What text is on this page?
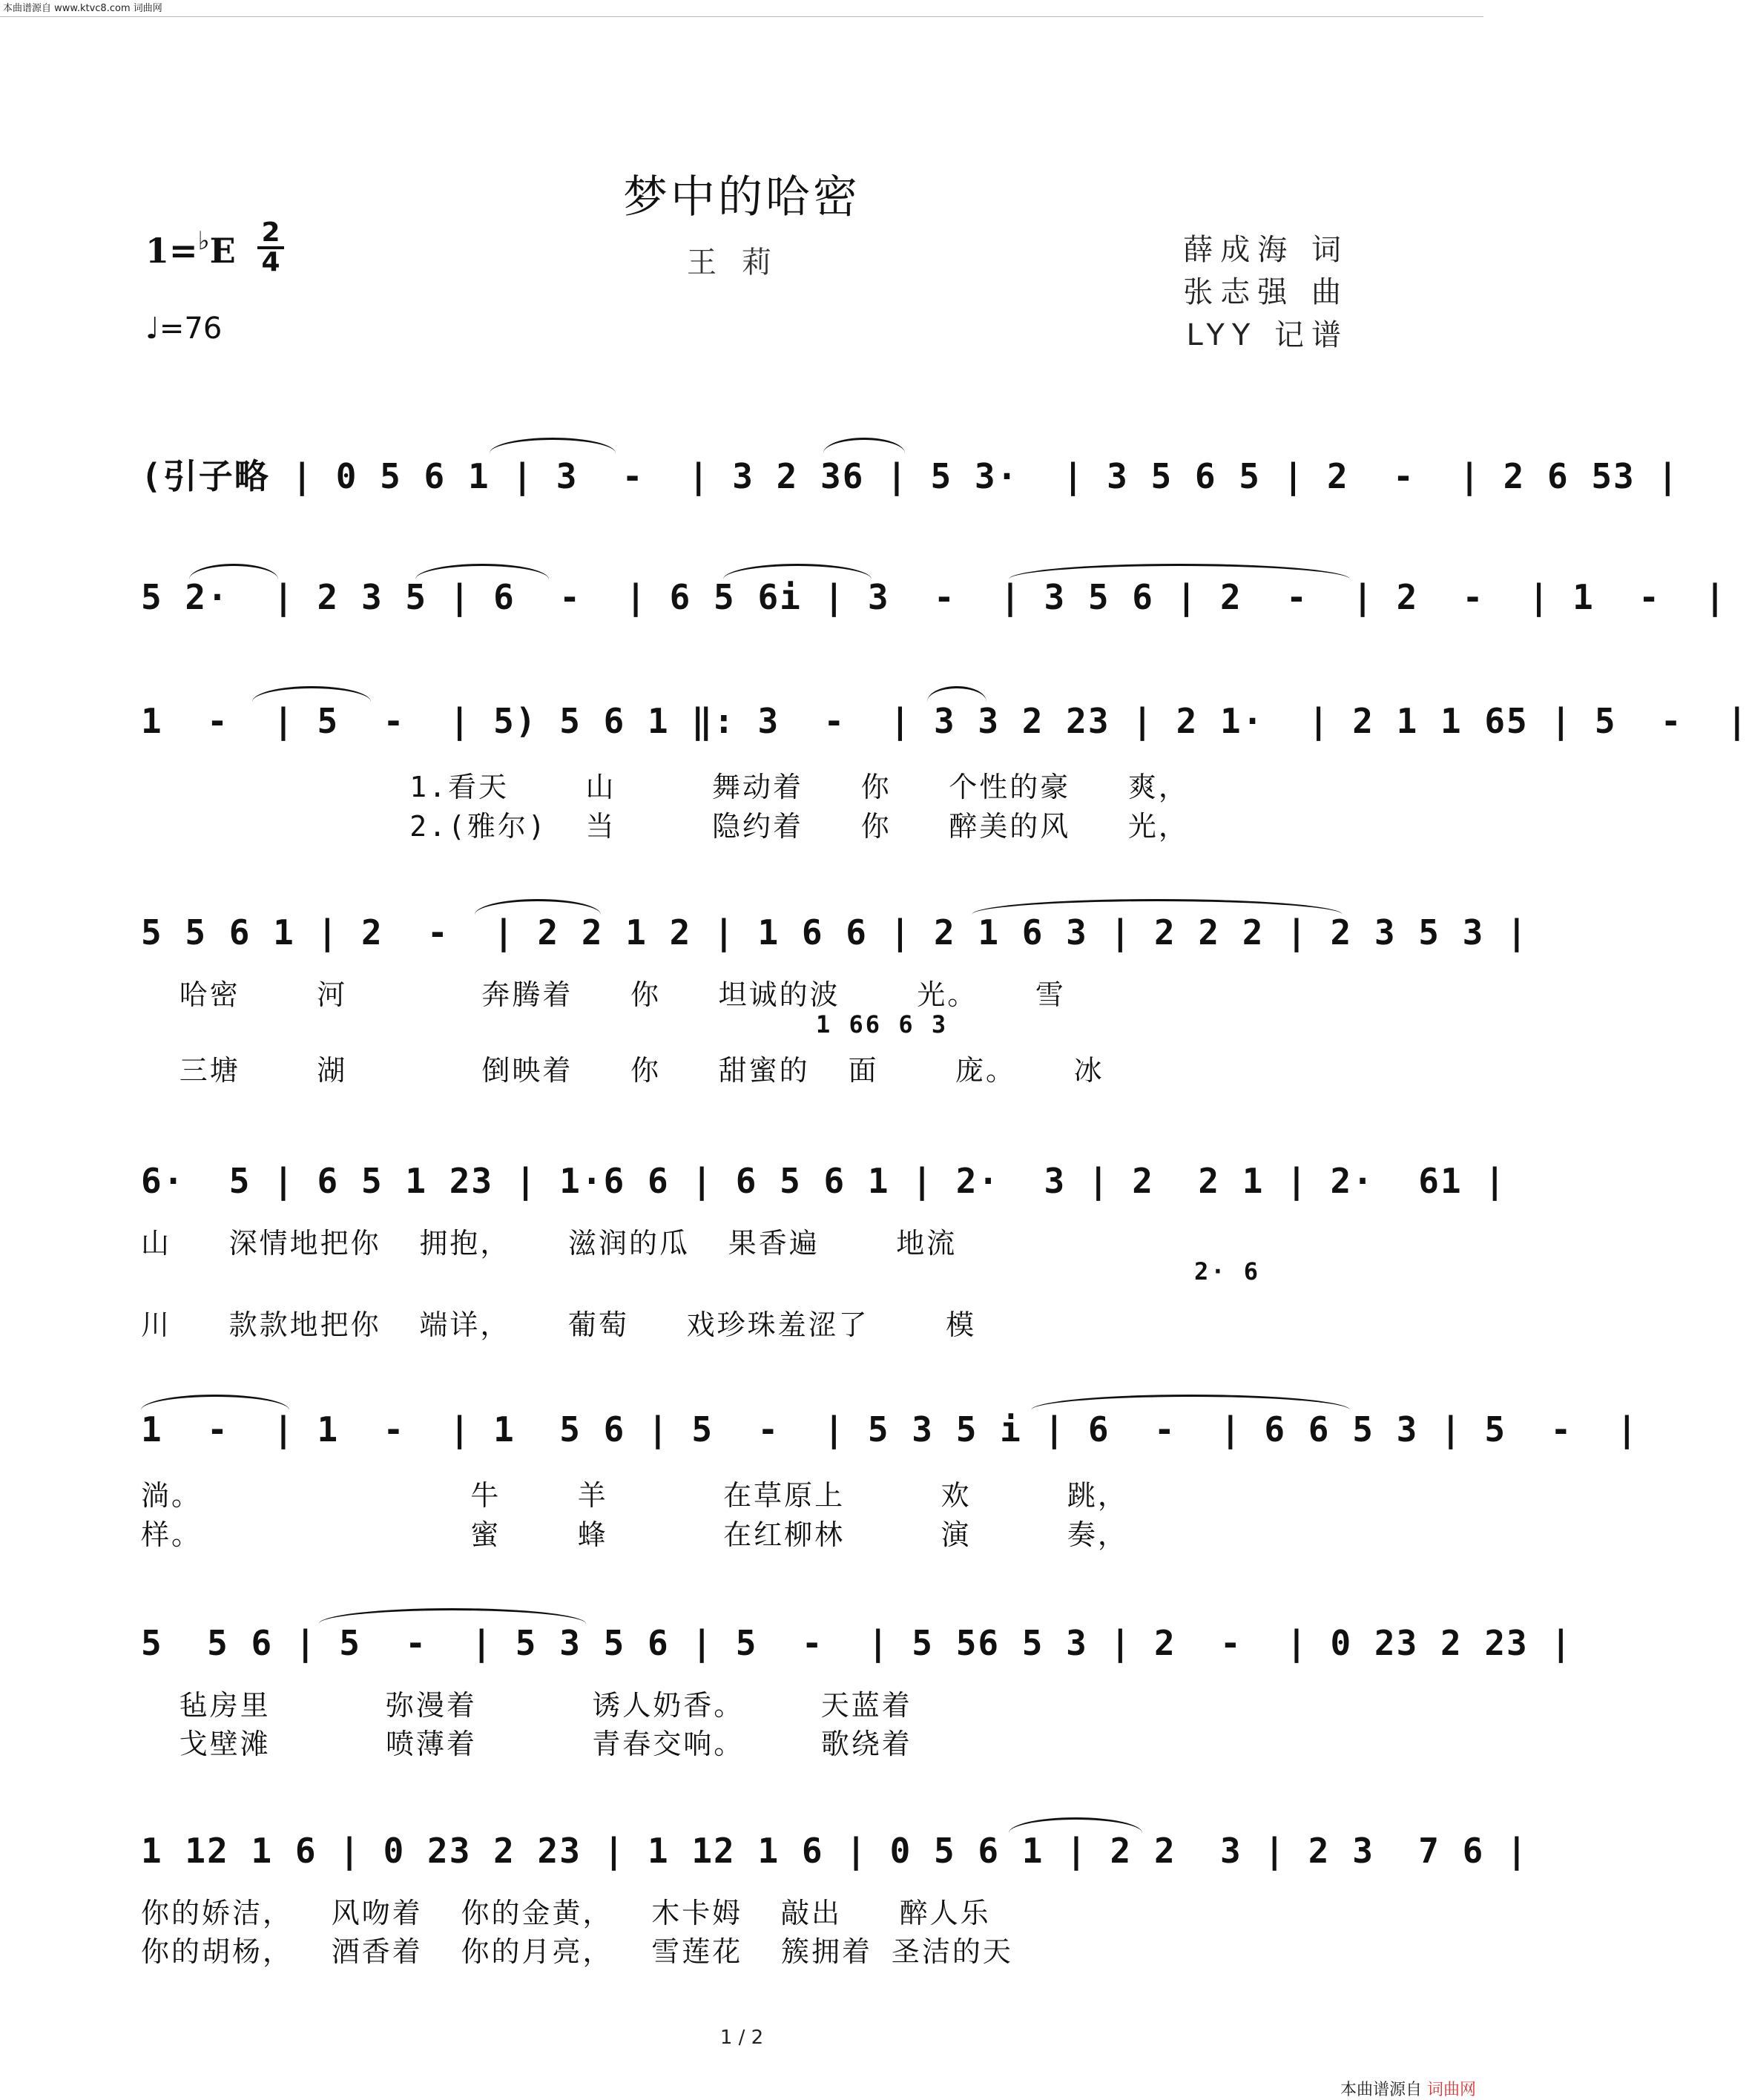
本曲谱源自 www.ktvc8.com 词曲网
梦中的哈密
王莉	薛成海 词
张志强 曲
LYY 记谱
1=♭E 2
4
♩=76
(引子略 | 0 5 6 1 | 3  -  | 3 2 36 | 5 3·  | 3 5 6 5 | 2  -  | 2 6 53 |
5 2·  | 2 3 5 | 6  -  | 6 5 6i | 3  -  | 3 5 6 | 2  -  | 2  -  | 1  -  |
1  -  | 5  -  | 5) 5 6 1 ‖: 3  -  | 3 3 2 23 | 2 1·  | 2 1 1 65 | 5  -  |
1.看天    山     舞动着   你   个性的豪   爽，
2.(雅尔)  当     隐约着   你   醉美的风   光，
5 5 6 1 | 2  -  | 2 2 1 2 | 1 6 6 | 2 1 6 3 | 2 2 2 | 2 3 5 3 |
哈密    河       奔腾着   你   坦诚的波    光。   雪
1 66 6 3
三塘    湖       倒映着   你   甜蜜的  面    庞。   冰
6·  5 | 6 5 1 23 | 1·6 6 | 6 5 6 1 | 2·  3 | 2  2 1 | 2·  61 |
山   深情地把你  拥抱，   滋润的瓜  果香遍    地流
2· 6
川   款款地把你  端详，   葡萄   戏珍珠羞涩了    模
1  -  | 1  -  | 1  5 6 | 5  -  | 5 3 5 i | 6  -  | 6 6 5 3 | 5  -  |
淌。              牛    羊      在草原上     欢     跳，
样。              蜜    蜂      在红柳林     演     奏，
5  5 6 | 5  -  | 5 3 5 6 | 5  -  | 5 56 5 3 | 2  -  | 0 23 2 23 |
毡房里      弥漫着      诱人奶香。    天蓝着
戈壁滩      喷薄着      青春交响。    歌绕着
1 12 1 6 | 0 23 2 23 | 1 12 1 6 | 0 5 6 1 | 2 2  3 | 2 3  7 6 |
你的娇洁，  风吻着  你的金黄，  木卡姆  敲出   醉人乐
你的胡杨，  酒香着  你的月亮，  雪莲花  簇拥着 圣洁的天
1 / 2
本曲谱源自 词曲网
